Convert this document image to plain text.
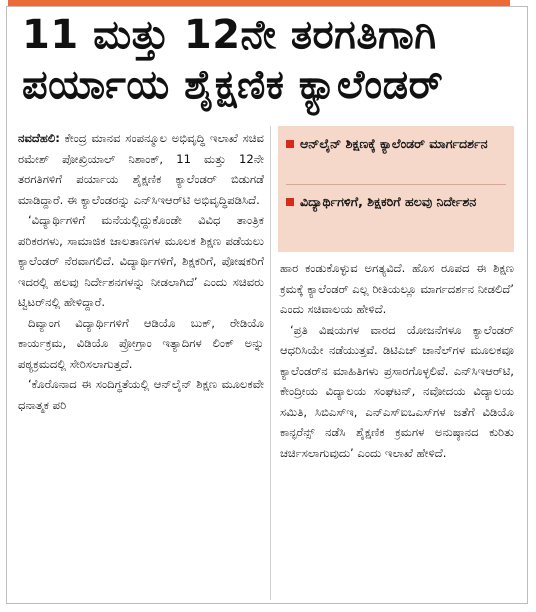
11 ಮತ್ತು 12ನೇ ತರಗತಿಗಾಗಿ
ಪರ್ಯಾಯ ಶೈಕ್ಷಣಿಕ ಕ್ಯಾಲೆಂಡರ್

ನವದೆಹಲಿ: ಕೇಂದ್ರ ಮಾನವ ಸಂಪನ್ಮೂಲ ಅಭಿವೃದ್ಧಿ ಇಲಾಖೆ ಸಚಿವ ರಮೇಶ್ ಪೋಖ್ರಿಯಾಲ್ ನಿಶಾಂಕ್, 11 ಮತ್ತು 12ನೇ ತರಗತಿಗಳಿಗೆ ಪರ್ಯಾಯ ಶೈಕ್ಷಣಿಕ ಕ್ಯಾಲೆಂಡರ್ ಬಿಡುಗಡೆ ಮಾಡಿದ್ದಾರೆ. ಈ ಕ್ಯಾಲೆಂಡರನ್ನು ಎನ್‌ಸಿಇಆರ್‌ಟಿ ಅಭಿವೃದ್ಧಿಪಡಿಸಿದೆ.

‘ವಿದ್ಯಾರ್ಥಿಗಳಿಗೆ ಮನೆಯಲ್ಲಿದ್ದುಕೊಂಡೇ ವಿವಿಧ ತಾಂತ್ರಿಕ ಪರಿಕರಗಳು, ಸಾಮಾಜಿಕ ಜಾಲತಾಣಗಳ ಮೂಲಕ ಶಿಕ್ಷಣ ಪಡೆಯಲು ಕ್ಯಾಲೆಂಡರ್ ನೆರವಾಗಲಿದೆ. ವಿದ್ಯಾರ್ಥಿಗಳಿಗೆ, ಶಿಕ್ಷಕರಿಗೆ, ಪೋಷಕರಿಗೆ ಇದರಲ್ಲಿ ಹಲವು ನಿರ್ದೇಶನಗಳನ್ನು ನೀಡಲಾಗಿದೆ’ ಎಂದು ಸಚಿವರು ಟ್ವಿಟರ್‌ನಲ್ಲಿ ಹೇಳಿದ್ದಾರೆ.

ದಿವ್ಯಾಂಗ ವಿದ್ಯಾರ್ಥಿಗಳಿಗೆ ಆಡಿಯೊ ಬುಕ್, ರೇಡಿಯೊ ಕಾರ್ಯಕ್ರಮ, ವಿಡಿಯೊ ಪ್ರೋಗ್ರಾಂ ಇತ್ಯಾದಿಗಳ ಲಿಂಕ್ ಅನ್ನು ಪಠ್ಯಕ್ರಮದಲ್ಲಿ ಸೇರಿಸಲಾಗುತ್ತದೆ.

‘ಕೊರೊನಾದ ಈ ಸಂದಿಗ್ಧತೆಯಲ್ಲಿ ಆನ್‌ಲೈನ್ ಶಿಕ್ಷಣ ಮೂಲಕವೇ ಧನಾತ್ಮಕ ಪರಿ

ಆನ್‌ಲೈನ್ ಶಿಕ್ಷಣಕ್ಕೆ ಕ್ಯಾಲೆಂಡರ್ ಮಾರ್ಗದರ್ಶನ
ವಿದ್ಯಾರ್ಥಿಗಳಿಗೆ, ಶಿಕ್ಷಕರಿಗೆ ಹಲವು ನಿರ್ದೇಶನ

ಹಾರ ಕಂಡುಕೊಳ್ಳುವ ಅಗತ್ಯವಿದೆ. ಹೊಸ ರೂಪದ ಈ ಶಿಕ್ಷಣ ಕ್ರಮಕ್ಕೆ ಕ್ಯಾಲೆಂಡರ್ ಎಲ್ಲ ರೀತಿಯಲ್ಲೂ ಮಾರ್ಗದರ್ಶನ ನೀಡಲಿದೆ’ ಎಂದು ಸಚಿವಾಲಯ ಹೇಳಿದೆ.

‘ಪ್ರತಿ ವಿಷಯಗಳ ವಾರದ ಯೋಜನೆಗಳೂ ಕ್ಯಾಲೆಂಡರ್ ಆಧರಿಸಿಯೇ ನಡೆಯುತ್ತವೆ. ಡಿಟಿಎಚ್ ಚಾನೆಲ್‌ಗಳ ಮೂಲಕವೂ ಕ್ಯಾಲೆಂಡರ್‌ನ ಮಾಹಿತಿಗಳು ಪ್ರಸಾರಗೊಳ್ಳಲಿವೆ. ಎನ್‌ಸಿಇಆರ್‌ಟಿ, ಕೇಂದ್ರೀಯ ವಿದ್ಯಾಲಯ ಸಂಘಟನ್, ನವೋದಯ ವಿದ್ಯಾಲಯ ಸಮಿತಿ, ಸಿಬಿಎಸ್‌ಇ, ಎನ್‌ಎಸ್‌ಐಒಎಸ್‌ಗಳ ಜತೆಗೆ ವಿಡಿಯೊ ಕಾನ್ಫರೆನ್ಸ್ ನಡೆಸಿ ಶೈಕ್ಷಣಿಕ ಕ್ರಮಗಳ ಅನುಷ್ಠಾನದ ಕುರಿತು ಚರ್ಚಿಸಲಾಗುವುದು’ ಎಂದು ಇಲಾಖೆ ಹೇಳಿದೆ.
